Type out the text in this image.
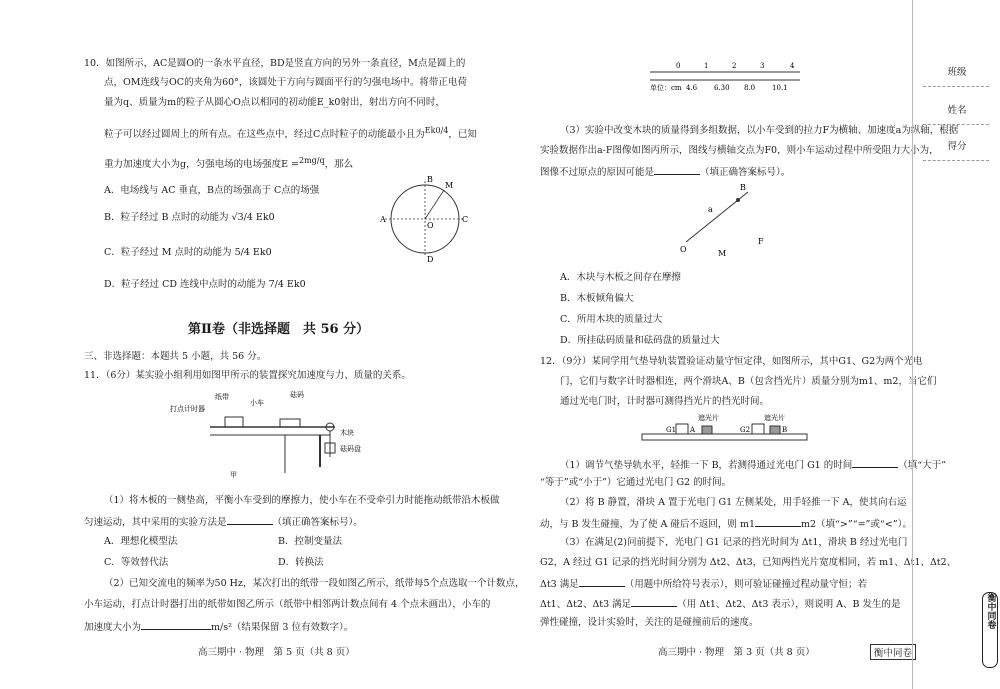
10．如图所示，AC是圆O的一条水平直径，BD是竖直方向的另外一条直径，M点是圆上的
点，OM连线与OC的夹角为60°，该圆处于方向与圆面平行的匀强电场中。将带正电荷
量为q、质量为m的粒子从圆心O点以相同的初动能E_k0射出，射出方向不同时，
粒子可以经过圆周上的所有点。在这些点中，经过C点时粒子的动能最小且为$^{Ek0/4}$，已知
重力加速度大小为g，匀强电场的电场强度E =$^{2mg/q}$，那么
A．电场线与 AC 垂直，B点的场强高于 C点的场强
B．粒子经过 B 点时的动能为 √3/4 Ek0
C．粒子经过 M 点时的动能为 5/4 Ek0
D．粒子经过 CD 连线中点时的动能为 7/4 Ek0
A	C
B
D
O
M
第Ⅱ卷（非选择题　共 56 分）
三、非选择题：本题共 5 小题，共 56 分。
11．（6分）某实验小组利用如图甲所示的装置探究加速度与力、质量的关系。
打点计时器
纸带
小车
砝码
木块
砝码盘
甲
（1）将木板的一侧垫高，平衡小车受到的摩擦力，使小车在不受牵引力时能拖动纸带沿木板做
匀速运动，其中采用的实验方法是	（填正确答案标号）。
A．理想化模型法	B．控制变量法
C．等效替代法	D．转换法
（2）已知交流电的频率为50 Hz，某次打出的纸带一段如图乙所示，纸带每5个点选取一个计数点，
小车运动，打点计时器打出的纸带如图乙所示（纸带中相邻两计数点间有 4 个点未画出），小车的
加速度大小为	m/s²（结果保留 3 位有效数字）。
高三期中 · 物理　第 5 页（共 8 页）
衡中同卷
单位：cm
0	1	2	3	4
4.6 6.30 8.0 10.1
（3）实验中改变木块的质量得到多组数据，以小车受到的拉力F为横轴、加速度a为纵轴，根据
实验数据作出a-F图像如图丙所示，图线与横轴交点为F0，则小车运动过程中所受阻力大小为，
图像不过原点的原因可能是	（填正确答案标号）。
O
a
F
B
M
A．木块与木板之间存在摩擦
B．木板倾角偏大
C．所用木块的质量过大
D．所挂砝码质量和砝码盘的质量过大
12．（9分）某同学用气垫导轨装置验证动量守恒定律，如图所示，其中G1、G2为两个光电
门，它们与数字计时器相连，两个滑块A、B（包含挡光片）质量分别为m1、m2，当它们
通过光电门时，计时器可测得挡光片的挡光时间。
遮光片	遮光片
G1	G2
A	B
（1）调节气垫导轨水平，轻推一下 B，若测得通过光电门 G1 的时间	（填“大于”
“等于”或“小于”）它通过光电门 G2 的时间。
（2）将 B 静置，滑块 A 置于光电门 G1 左侧某处，用手轻推一下 A，使其向右运
动，与 B 发生碰撞，为了使 A 碰后不返回，则 m1	m2（填“>”“=”或“<”）。
（3）在满足(2)问前提下，光电门 G1 记录的挡光时间为 Δt1，滑块 B 经过光电门
G2，A 经过 G1 记录的挡光时间分别为 Δt2、Δt3，已知两挡光片宽度相同，若 m1、Δt1、Δt2、
Δt3 满足	（用题中所给符号表示），则可验证碰撞过程动量守恒；若
Δt1、Δt2、Δt3 满足	（用 Δt1、Δt2、Δt3 表示），则说明 A、B 发生的是
弹性碰撞，设计实验时，关注的是碰撞前后的速度。
高三期中 · 物理　第 3 页（共 8 页）	衡中同卷
班级
姓名
得分
